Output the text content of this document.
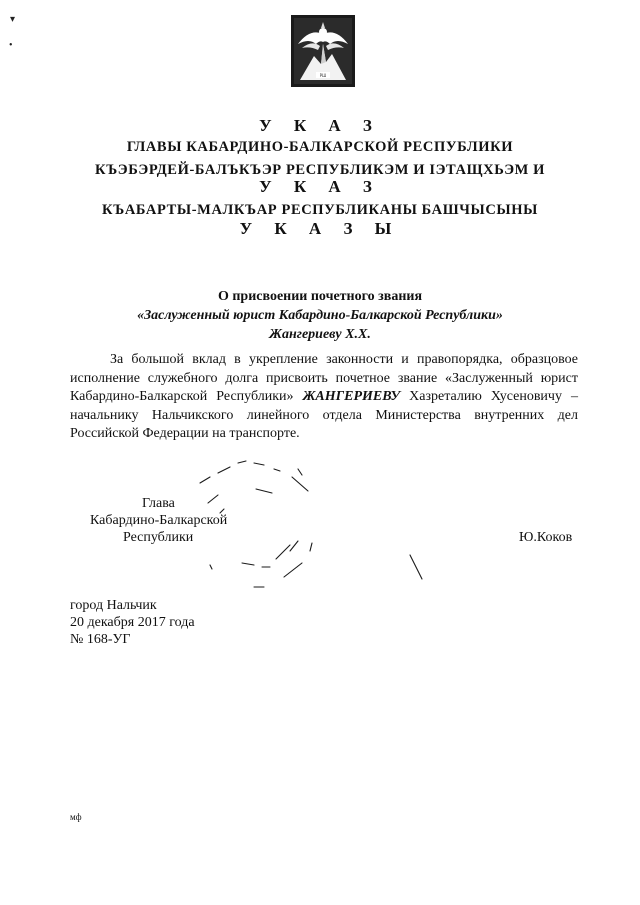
▾
•
РШ
У К А З
ГЛАВЫ КАБАРДИНО-БАЛКАРСКОЙ РЕСПУБЛИКИ
КЪЭБЭРДЕЙ-БАЛЪКЪЭР РЕСПУБЛИКЭМ И ІЭТАЩХЬЭМ И
У К А З
КЪАБАРТЫ-МАЛКЪАР РЕСПУБЛИКАНЫ БАШЧЫСЫНЫ
У К А З Ы
О присвоении почетного звания
«Заслуженный юрист Кабардино-Балкарской Республики»
Жангериеву Х.Х.
За большой вклад в укрепление законности и правопорядка, образцовое исполнение служебного долга присвоить почетное звание «Заслуженный юрист Кабардино-Балкарской Республики» ЖАНГЕРИЕВУ Хазреталию Хусеновичу – начальнику Нальчикского линейного отдела Министерства внутренних дел Российской Федерации на транспорте.
Глава
Кабардино-Балкарской
Республики	Ю.Коков
город Нальчик
20 декабря 2017 года
№ 168-УГ
мф
